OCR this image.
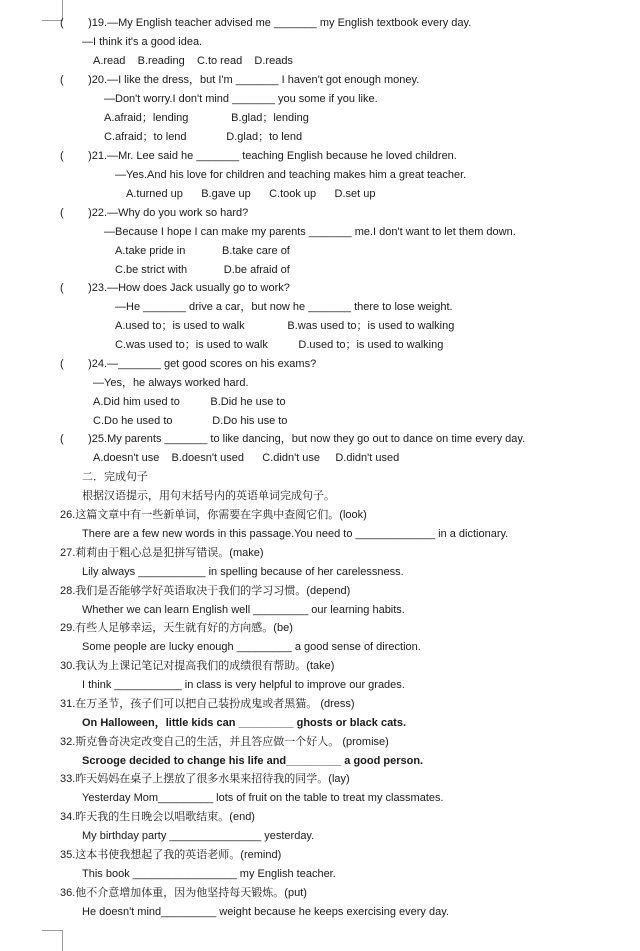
(        )19.—My English teacher advised me _______ my English textbook every day.
—I think it's a good idea.
A.read    B.reading    C.to read    D.reads
(        )20.—I like the dress，but I'm _______ I haven't got enough money.
—Don't worry.I don't mind _______ you some if you like.
A.afraid；lending              B.glad；lending
C.afraid；to lend             D.glad；to lend
(        )21.—Mr. Lee said he _______ teaching English because he loved children.
—Yes.And his love for children and teaching makes him a great teacher.
A.turned up      B.gave up      C.took up      D.set up
(        )22.—Why do you work so hard?
—Because I hope I can make my parents _______ me.I don't want to let them down.
A.take pride in            B.take care of
C.be strict with            D.be afraid of
(        )23.—How does Jack usually go to work?
—He _______ drive a car，but now he _______ there to lose weight.
A.used to；is used to walk              B.was used to；is used to walking
C.was used to；is used to walk          D.used to；is used to walking
(        )24.—_______ get good scores on his exams?
—Yes，he always worked hard.
A.Did him used to          B.Did he use to
C.Do he used to             D.Do his use to
(        )25.My parents _______ to like dancing，but now they go out to dance on time every day.
A.doesn't use    B.doesn't used      C.didn't use     D.didn't used
二．完成句子
根据汉语提示，用句末括号内的英语单词完成句子。
26.这篇文章中有一些新单词，你需要在字典中查阅它们。(look)
There are a few new words in this passage.You need to _____________ in a dictionary.
27.莉莉由于粗心总是犯拼写错误。(make)
Lily always ___________ in spelling because of her carelessness.
28.我们是否能够学好英语取决于我们的学习习惯。(depend)
Whether we can learn English well _________ our learning habits.
29.有些人足够幸运，天生就有好的方向感。(be)
Some people are lucky enough _________ a good sense of direction.
30.我认为上课记笔记对提高我们的成绩很有帮助。(take)
I think ___________ in class is very helpful to improve our grades.
31.在万圣节，孩子们可以把自己装扮成鬼或者黑猫。 (dress)
On Halloween，little kids can _________ ghosts or black cats.
32.斯克鲁奇决定改变自己的生活，并且答应做一个好人。 (promise)
Scrooge decided to change his life and_________ a good person.
33.昨天妈妈在桌子上摆放了很多水果来招待我的同学。(lay)
Yesterday Mom_________ lots of fruit on the table to treat my classmates.
34.昨天我的生日晚会以唱歌结束。(end)
My birthday party _______________ yesterday.
35.这本书使我想起了我的英语老师。(remind)
This book _________________ my English teacher.
36.他不介意增加体重，因为他坚持每天锻炼。(put)
He doesn't mind_________ weight because he keeps exercising every day.
